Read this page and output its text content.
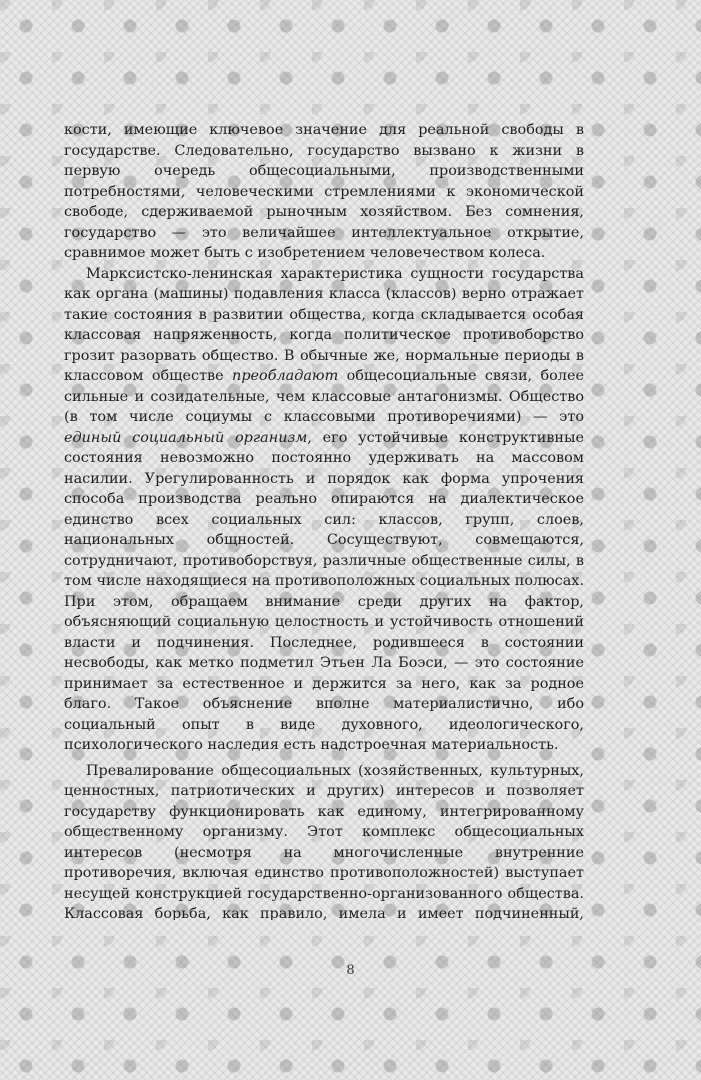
кости, имеющие ключевое значение для реальной свободы в государстве. Следовательно, государство вызвано к жизни в первую очередь общесоциальными, производственными потребностями, человеческими стремлениями к экономической свободе, сдерживаемой рыночным хозяйством. Без сомнения, государство — это величайшее интеллектуальное открытие, сравнимое может быть с изобретением человечеством колеса.

Марксистско-ленинская характеристика сущности государства как органа (машины) подавления класса (классов) верно отражает такие состояния в развитии общества, когда складывается особая классовая напряженность, когда политическое противоборство грозит разорвать общество. В обычные же, нормальные периоды в классовом обществе преобладают общесоциальные связи, более сильные и созидательные, чем классовые антагонизмы. Общество (в том числе социумы с классовыми противоречиями) — это единый социальный организм, его устойчивые конструктивные состояния невозможно постоянно удерживать на массовом насилии. Урегулированность и порядок как форма упрочения способа производства реально опираются на диалектическое единство всех социальных сил: классов, групп, слоев, национальных общностей. Сосуществуют, совмещаются, сотрудничают, противоборствуя, различные общественные силы, в том числе находящиеся на противоположных социальных полюсах. При этом, обращаем внимание среди других на фактор, объясняющий социальную целостность и устойчивость отношений власти и подчинения. Последнее, родившееся в состоянии несвободы, как метко подметил Этьен Ла Боэси, — это состояние принимает за естественное и держится за него, как за родное благо. Такое объяснение вполне материалистично, ибо социальный опыт в виде духовного, идеологического, психологического наследия есть надстроечная материальность.

Превалирование общесоциальных (хозяйственных, культурных, ценностных, патриотических и других) интересов и позволяет государству функционировать как единому, интегрированному общественному организму. Этот комплекс общесоциальных интересов (несмотря на многочисленные внутренние противоречия, включая единство противоположностей) выступает несущей конструкцией государственно-организованного общества. Классовая борьба, как правило, имела и имеет подчиненный,

8
